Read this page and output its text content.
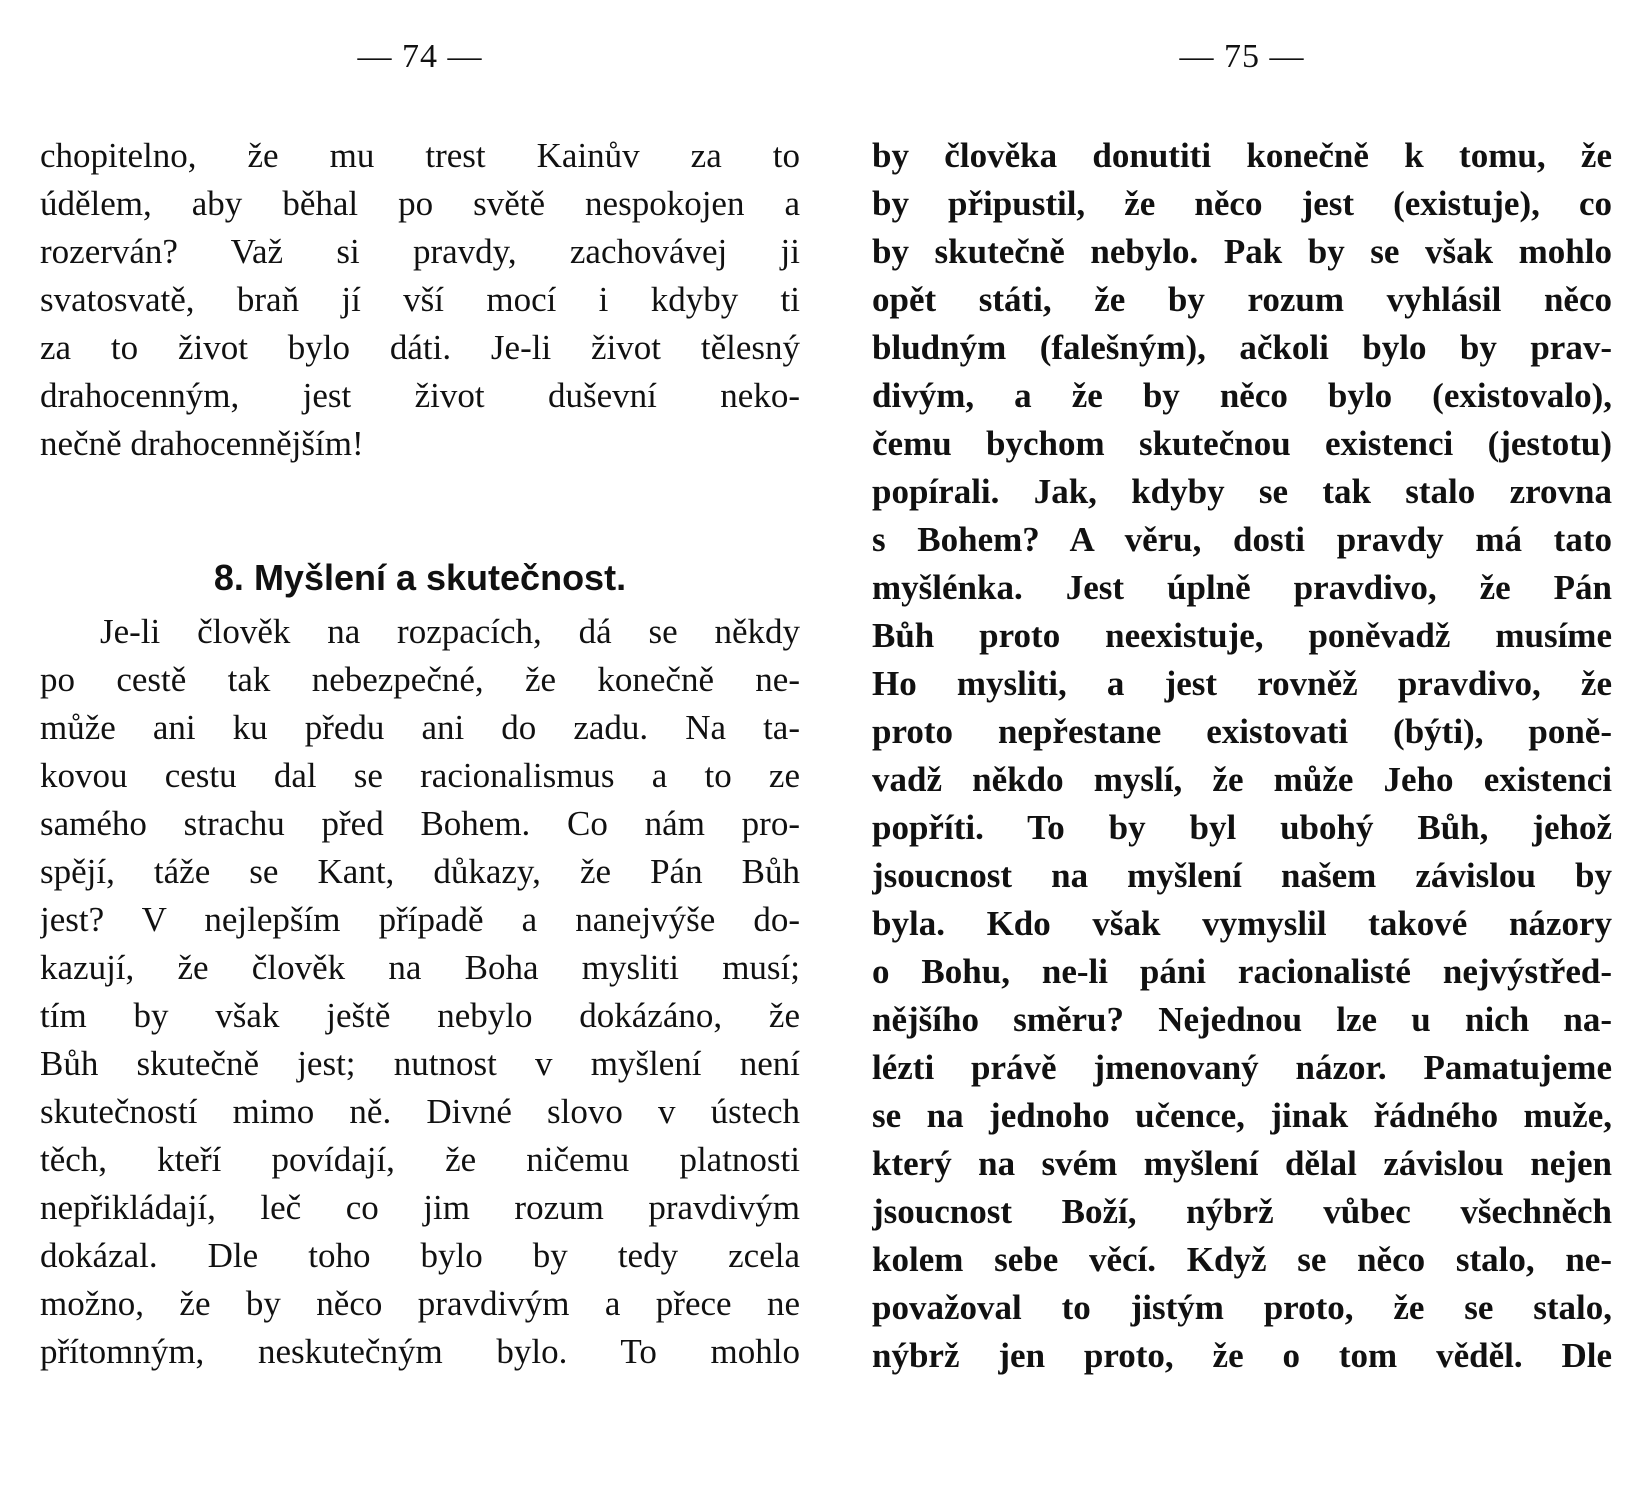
— 74 —
chopitelno, že mu trest Kainův za to
údělem, aby běhal po světě nespokojen a
rozerván? Važ si pravdy, zachovávej ji
svatosvatě, braň jí vší mocí i kdyby ti
za to život bylo dáti. Je-li život tělesný
drahocenným, jest život duševní neko-
nečně drahocennějším!
8. Myšlení a skutečnost.
Je-li člověk na rozpacích, dá se někdy
po cestě tak nebezpečné, že konečně ne-
může ani ku předu ani do zadu. Na ta-
kovou cestu dal se racionalismus a to ze
samého strachu před Bohem. Co nám pro-
spějí, táže se Kant, důkazy, že Pán Bůh
jest? V nejlepším případě a nanejvýše do-
kazují, že člověk na Boha mysliti musí;
tím by však ještě nebylo dokázáno, že
Bůh skutečně jest; nutnost v myšlení není
skutečností mimo ně. Divné slovo v ústech
těch, kteří povídají, že ničemu platnosti
nepřikládají, leč co jim rozum pravdivým
dokázal. Dle toho bylo by tedy zcela
možno, že by něco pravdivým a přece ne
přítomným, neskutečným bylo. To mohlo
— 75 —
by člověka donutiti konečně k tomu, že
by připustil, že něco jest (existuje), co
by skutečně nebylo. Pak by se však mohlo
opět státi, že by rozum vyhlásil něco
bludným (falešným), ačkoli bylo by prav-
divým, a že by něco bylo (existovalo),
čemu bychom skutečnou existenci (jestotu)
popírali. Jak, kdyby se tak stalo zrovna
s Bohem? A věru, dosti pravdy má tato
myšlénka. Jest úplně pravdivo, že Pán
Bůh proto neexistuje, poněvadž musíme
Ho mysliti, a jest rovněž pravdivo, že
proto nepřestane existovati (býti), poně-
vadž někdo myslí, že může Jeho existenci
popříti. To by byl ubohý Bůh, jehož
jsoucnost na myšlení našem závislou by
byla. Kdo však vymyslil takové názory
o Bohu, ne-li páni racionalisté nejvýstřed-
nějšího směru? Nejednou lze u nich na-
lézti právě jmenovaný názor. Pamatujeme
se na jednoho učence, jinak řádného muže,
který na svém myšlení dělal závislou nejen
jsoucnost Boží, nýbrž vůbec všechněch
kolem sebe věcí. Když se něco stalo, ne-
považoval to jistým proto, že se stalo,
nýbrž jen proto, že o tom věděl. Dle
